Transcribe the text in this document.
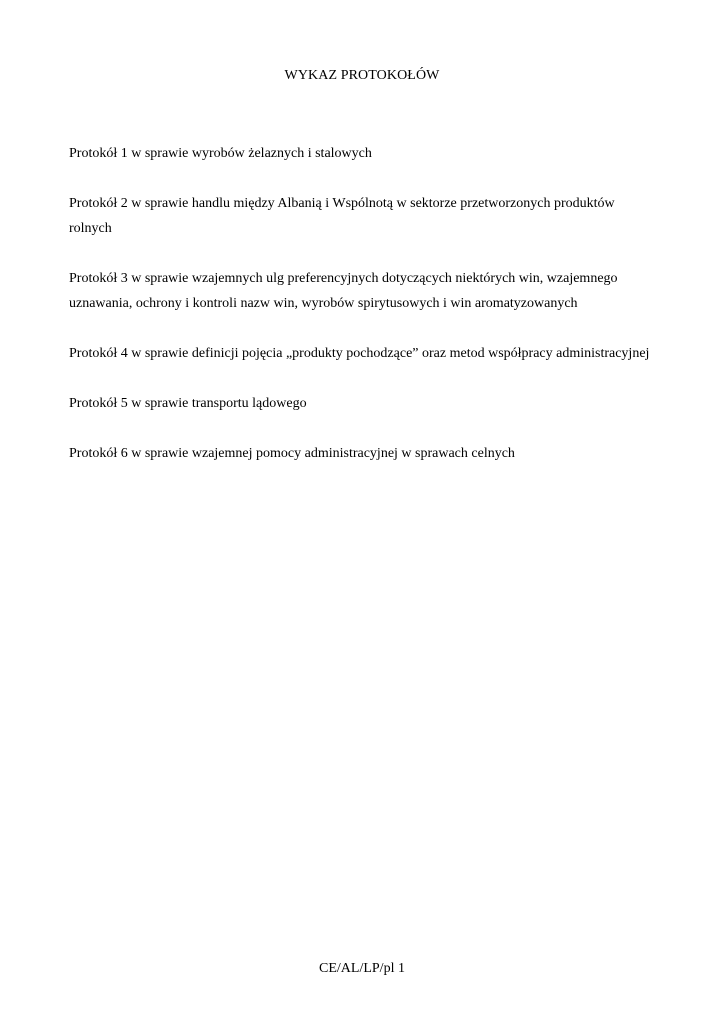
WYKAZ PROTOKOŁÓW
Protokół 1 w sprawie wyrobów żelaznych i stalowych
Protokół 2 w sprawie handlu między Albanią i Wspólnotą w sektorze przetworzonych produktów rolnych
Protokół 3 w sprawie wzajemnych ulg preferencyjnych dotyczących niektórych win, wzajemnego uznawania, ochrony i kontroli nazw win, wyrobów spirytusowych i win aromatyzowanych
Protokół 4 w sprawie definicji pojęcia „produkty pochodzące” oraz metod współpracy administracyjnej
Protokół 5 w sprawie transportu lądowego
Protokół 6 w sprawie wzajemnej pomocy administracyjnej w sprawach celnych
CE/AL/LP/pl 1
